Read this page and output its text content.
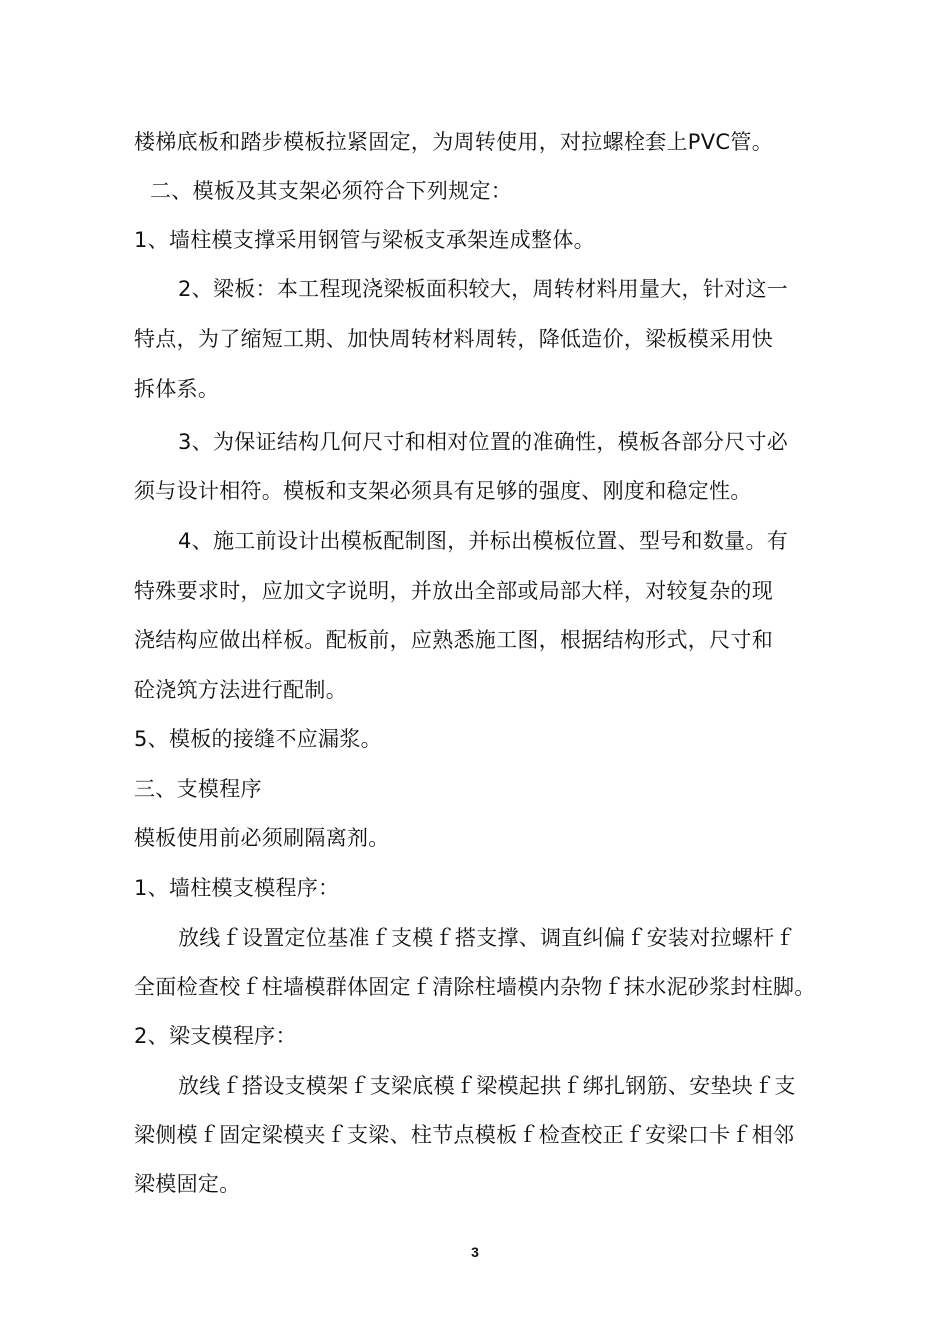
楼梯底板和踏步模板拉紧固定，为周转使用，对拉螺栓套上PVC管。
二、模板及其支架必须符合下列规定：
1、墙柱模支撑采用钢管与梁板支承架连成整体。
2、梁板：本工程现浇梁板面积较大，周转材料用量大，针对这一
特点，为了缩短工期、加快周转材料周转，降低造价，梁板模采用快
拆体系。
3、为保证结构几何尺寸和相对位置的准确性，模板各部分尺寸必
须与设计相符。模板和支架必须具有足够的强度、刚度和稳定性。
4、施工前设计出模板配制图，并标出模板位置、型号和数量。有
特殊要求时，应加文字说明，并放出全部或局部大样，对较复杂的现
浇结构应做出样板。配板前，应熟悉施工图，根据结构形式，尺寸和
砼浇筑方法进行配制。
5、模板的接缝不应漏浆。
三、支模程序
模板使用前必须刷隔离剂。
1、墙柱模支模程序：
放线ｆ设置定位基准ｆ支模ｆ搭支撑、调直纠偏ｆ安装对拉螺杆ｆ
全面检查校ｆ柱墙模群体固定ｆ清除柱墙模内杂物ｆ抹水泥砂浆封柱脚。
2、梁支模程序：
放线ｆ搭设支模架ｆ支梁底模ｆ梁模起拱ｆ绑扎钢筋、安垫块ｆ支
梁侧模ｆ固定梁模夹ｆ支梁、柱节点模板ｆ检查校正ｆ安梁口卡ｆ相邻
梁模固定。
3
